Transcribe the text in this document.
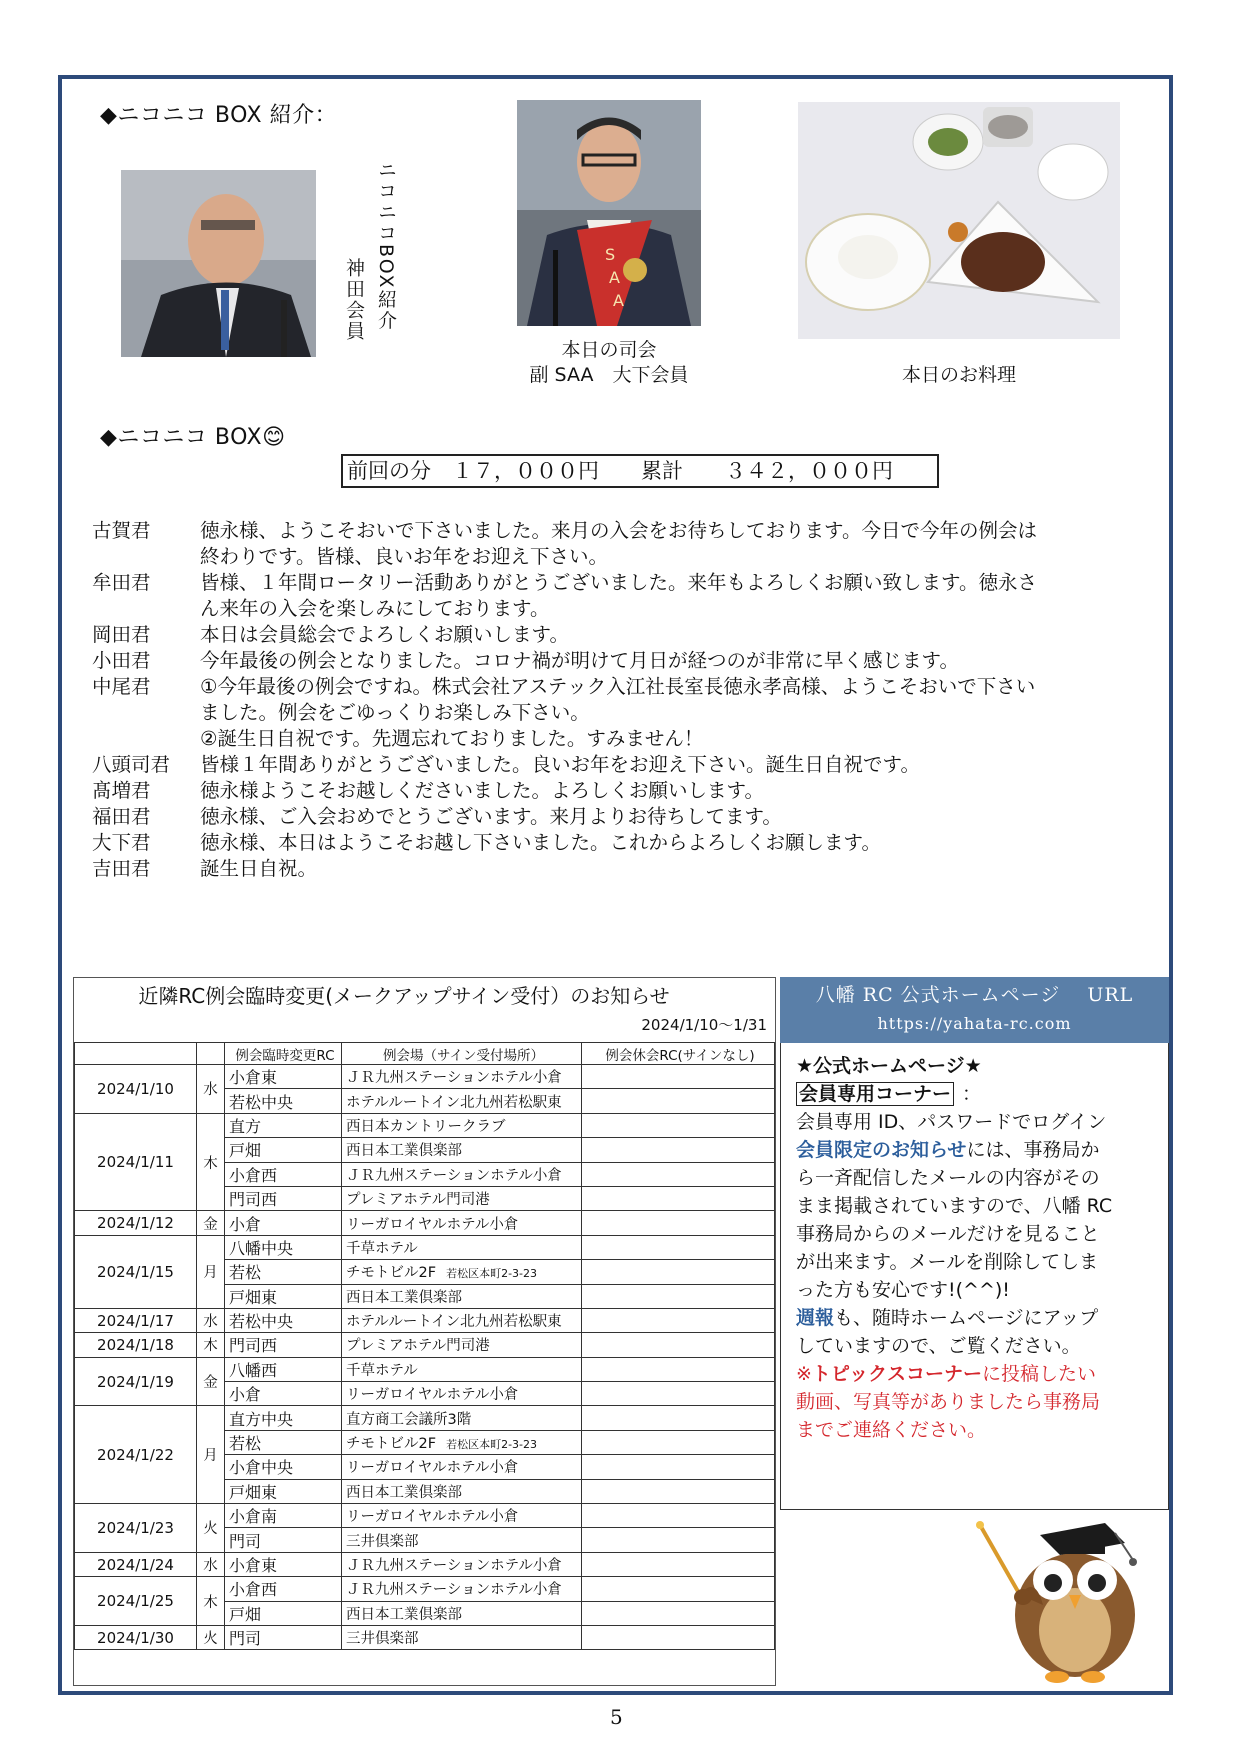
◆ニコニコ BOX 紹介：
ニコニコBOX紹介
神田会員
S
A
A
本日の司会
副 SAA　大下会員	本日のお料理
◆ニコニコ BOX😊
前回の分　１７，０００円　　累計　　３４２，０００円
古賀君	徳永様、ようこそおいで下さいました。来月の入会をお待ちしております。今日で今年の例会は
終わりです。皆様、良いお年をお迎え下さい。
牟田君	皆様、１年間ロータリー活動ありがとうございました。来年もよろしくお願い致します。徳永さ
ん来年の入会を楽しみにしております。
岡田君	本日は会員総会でよろしくお願いします。
小田君	今年最後の例会となりました。コロナ禍が明けて月日が経つのが非常に早く感じます。
中尾君	①今年最後の例会ですね。株式会社アステック入江社長室長徳永孝高様、ようこそおいで下さい
ました。例会をごゆっくりお楽しみ下さい。
②誕生日自祝です。先週忘れておりました。すみません！
八頭司君	皆様１年間ありがとうございました。良いお年をお迎え下さい。誕生日自祝です。
髙増君	徳永様ようこそお越しくださいました。よろしくお願いします。
福田君	徳永様、ご入会おめでとうございます。来月よりお待ちしてます。
大下君	徳永様、本日はようこそお越し下さいました。これからよろしくお願します。
吉田君	誕生日自祝。
近隣RC例会臨時変更(メークアップサイン受付）のお知らせ
2024/1/10～1/31
		例会臨時変更RC	例会場（サイン受付場所）	例会休会RC(サインなし)
2024/1/10	水	小倉東	ＪＲ九州ステーションホテル小倉	
		若松中央	ホテルルートイン北九州若松駅東	
2024/1/11	木	直方	西日本カントリークラブ	
		戸畑	西日本工業倶楽部	
		小倉西	ＪＲ九州ステーションホテル小倉	
		門司西	プレミアホテル門司港	
2024/1/12	金	小倉	リーガロイヤルホテル小倉	
2024/1/15	月	八幡中央	千草ホテル	
		若松	チモトビル2F 若松区本町2-3-23	
		戸畑東	西日本工業倶楽部	
2024/1/17	水	若松中央	ホテルルートイン北九州若松駅東	
2024/1/18	木	門司西	プレミアホテル門司港	
2024/1/19	金	八幡西	千草ホテル	
		小倉	リーガロイヤルホテル小倉	
2024/1/22	月	直方中央	直方商工会議所3階	
		若松	チモトビル2F 若松区本町2-3-23	
		小倉中央	リーガロイヤルホテル小倉	
		戸畑東	西日本工業倶楽部	
2024/1/23	火	小倉南	リーガロイヤルホテル小倉	
		門司	三井倶楽部	
2024/1/24	水	小倉東	ＪＲ九州ステーションホテル小倉	
2024/1/25	木	小倉西	ＪＲ九州ステーションホテル小倉	
		戸畑	西日本工業倶楽部	
2024/1/30	火	門司	三井倶楽部	
八幡 RC 公式ホームページ　 URL
https://yahata-rc.com
★公式ホームページ★
会員専用コーナー ：
会員専用 ID、パスワードでログイン
会員限定のお知らせには、事務局か
ら一斉配信したメールの内容がその
まま掲載されていますので、八幡 RC
事務局からのメールだけを見ること
が出来ます。メールを削除してしま
った方も安心です!(^^)!
週報も、随時ホームページにアップ
していますので、ご覧ください。
※トピックスコーナーに投稿したい
動画、写真等がありましたら事務局
までご連絡ください。
5
